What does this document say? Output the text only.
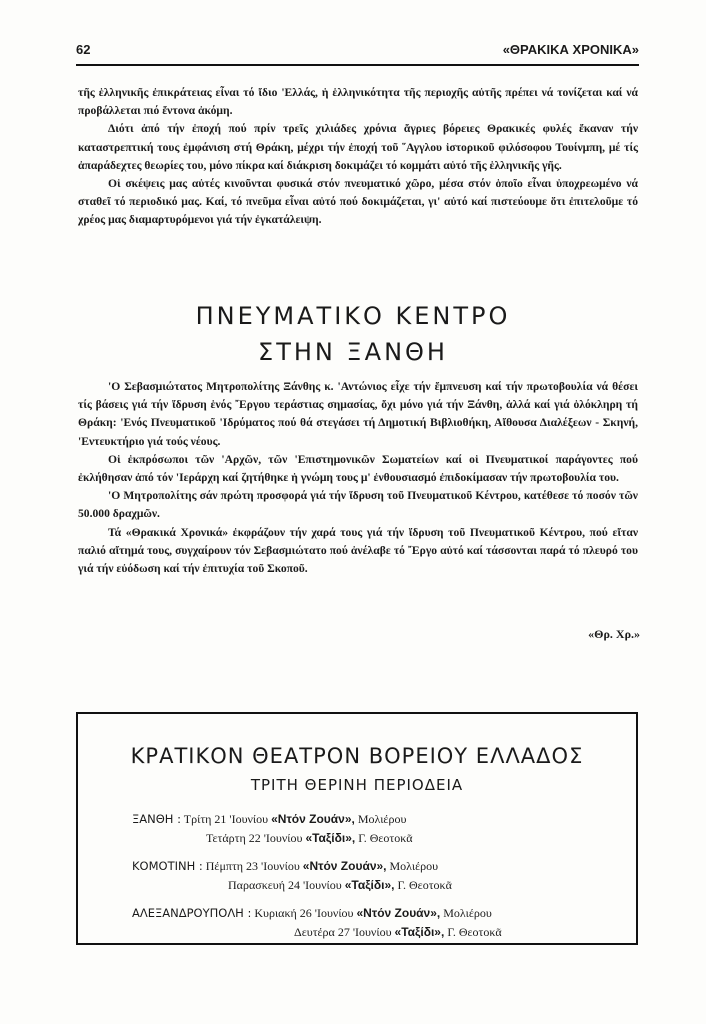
62	«ΘΡΑΚΙΚΑ ΧΡΟΝΙΚΑ»

τῆς ἑλληνικῆς ἐπικράτειας εἶναι τό ἴδιο 'Ελλάς, ἡ ἑλληνικότητα τῆς περιοχῆς αὐτῆς πρέπει νά τονίζεται καί νά προβάλλεται πιό ἔντονα ἀκόμη.

Διότι ἀπό τήν ἐποχή πού πρίν τρεῖς χιλιάδες χρόνια ἄγριες βόρειες Θρακικές φυλές ἔκαναν τήν καταστρεπτική τους ἐμφάνιση στή Θράκη, μέχρι τήν ἐποχή τοῦ ῞Αγγλου ἱστορικοῦ φιλόσοφου Τουίνμπη, μέ τίς ἀπαράδεχτες θεωρίες του, μόνο πίκρα καί διάκριση δοκιμάζει τό κομμάτι αὐτό τῆς ἑλληνικῆς γῆς.

Οἱ σκέψεις μας αὐτές κινοῦνται φυσικά στόν πνευματικό χῶρο, μέσα στόν ὁποῖο εἶναι ὑποχρεωμένο νά σταθεῖ τό περιοδικό μας. Καί, τό πνεῦμα εἶναι αὐτό πού δοκιμάζεται, γι' αὐτό καί πιστεύουμε ὅτι ἐπιτελοῦμε τό χρέος μας διαμαρτυρόμενοι γιά τήν ἐγκατάλειψη.

ΠΝΕΥΜΑΤΙΚΟ ΚΕΝΤΡΟ
ΣΤΗΝ ΞΑΝΘΗ

'Ο Σεβασμιώτατος Μητροπολίτης Ξάνθης κ. 'Αντώνιος εἶχε τήν ἔμπνευση καί τήν πρωτοβουλία νά θέσει τίς βάσεις γιά τήν ἵδρυση ἑνός ῎Εργου τεράστιας σημασίας, ὄχι μόνο γιά τήν Ξάνθη, ἀλλά καί γιά ὁλόκληρη τή Θράκη: 'Ενός Πνευματικοῦ 'Ιδρύματος πού θά στεγάσει τή Δημοτική Βιβλιοθήκη, Αἴθουσα Διαλέξεων - Σκηνή, 'Εντευκτήριο γιά τούς νέους.

Οἱ ἐκπρόσωποι τῶν 'Αρχῶν, τῶν 'Επιστημονικῶν Σωματείων καί οἱ Πνευματικοί παράγοντες πού ἐκλήθησαν ἀπό τόν 'Ιεράρχη καί ζητήθηκε ἡ γνώμη τους μ' ἐνθουσιασμό ἐπιδοκίμασαν τήν πρωτοβουλία του.

'Ο Μητροπολίτης σάν πρώτη προσφορά γιά τήν ἵδρυση τοῦ Πνευματικοῦ Κέντρου, κατέθεσε τό ποσόν τῶν 50.000 δραχμῶν.

Τά «Θρακικά Χρονικά» ἐκφράζουν τήν χαρά τους γιά τήν ἵδρυση τοῦ Πνευματικοῦ Κέντρου, πού εἴταν παλιό αἴτημά τους, συγχαίρουν τόν Σεβασμιώτατο πού ἀνέλαβε τό ῎Εργο αὐτό καί τάσσονται παρά τό πλευρό του γιά τήν εὐόδωση καί τήν ἐπιτυχία τοῦ Σκοποῦ.

«Θρ. Χρ.»
ΚΡΑΤΙΚΟΝ ΘΕΑΤΡΟΝ ΒΟΡΕΙΟΥ ΕΛΛΑΔΟΣ
ΤΡΙΤΗ ΘΕΡΙΝΗ ΠΕΡΙΟΔΕΙΑ
ΞΑΝΘΗ : Τρίτη 21 'Ιουνίου «Ντόν Ζουάν», Μολιέρου
Τετάρτη 22 'Ιουνίου «Ταξίδι», Γ. Θεοτοκᾶ
ΚΟΜΟΤΙΝΗ : Πέμπτη 23 'Ιουνίου «Ντόν Ζουάν», Μολιέρου
Παρασκευή 24 'Ιουνίου «Ταξίδι», Γ. Θεοτοκᾶ
ΑΛΕΞΑΝΔΡΟΥΠΟΛΗ : Κυριακή 26 'Ιουνίου «Ντόν Ζουάν», Μολιέρου
Δευτέρα 27 'Ιουνίου «Ταξίδι», Γ. Θεοτοκᾶ
